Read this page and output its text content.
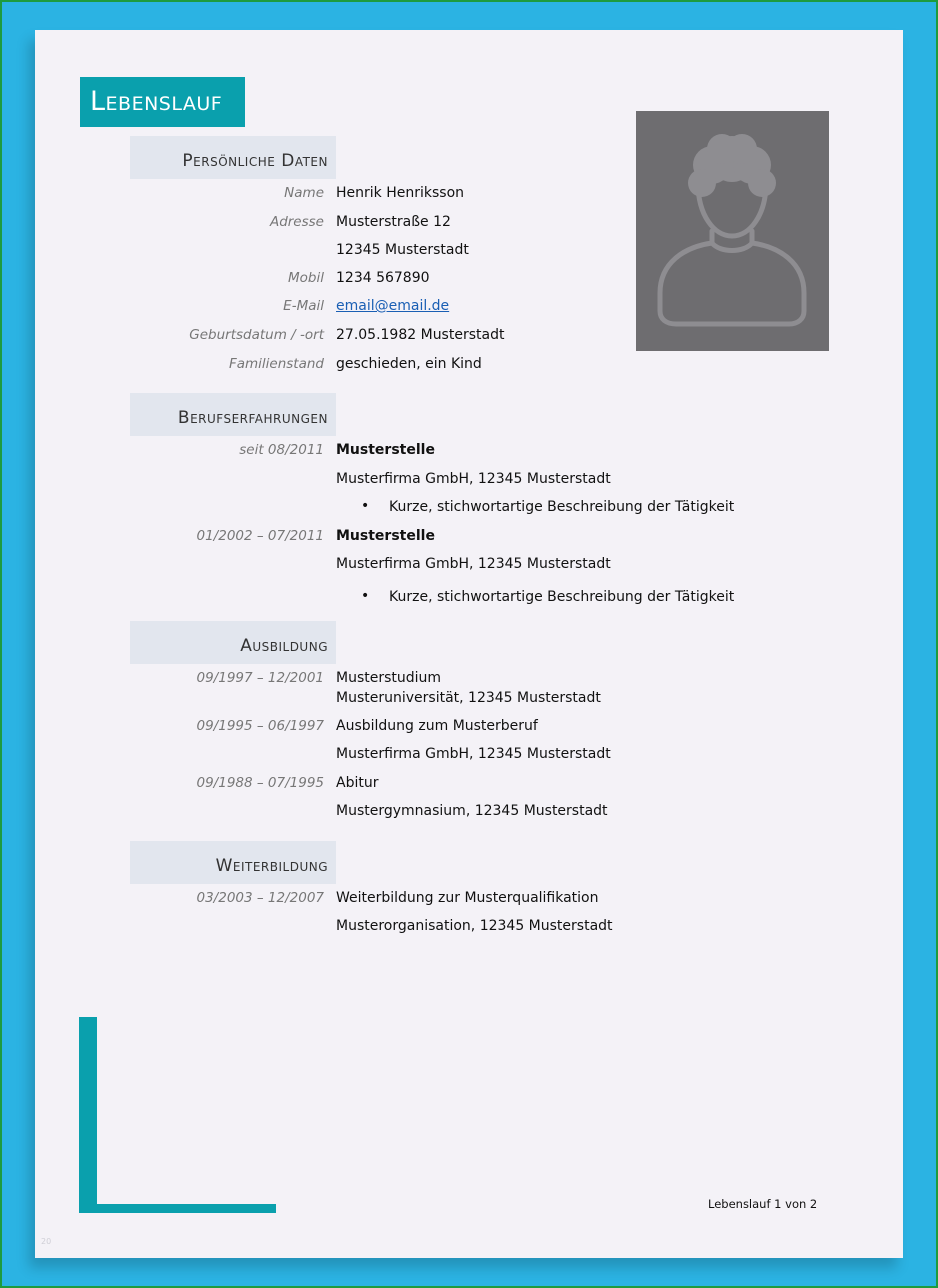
Lebenslauf
Persönliche Daten
Name Henrik Henriksson
Adresse Musterstraße 12
12345 Musterstadt
Mobil 1234 567890
E-Mail email@email.de
Geburtsdatum / -ort 27.05.1982 Musterstadt
Familienstand geschieden, ein Kind
Berufserfahrungen
seit 08/2011 Musterstelle
Musterfirma GmbH, 12345 Musterstadt
• Kurze, stichwortartige Beschreibung der Tätigkeit
01/2002 – 07/2011 Musterstelle
Musterfirma GmbH, 12345 Musterstadt
• Kurze, stichwortartige Beschreibung der Tätigkeit
Ausbildung
09/1997 – 12/2001 Musterstudium
Musteruniversität, 12345 Musterstadt
09/1995 – 06/1997 Ausbildung zum Musterberuf
Musterfirma GmbH, 12345 Musterstadt
09/1988 – 07/1995 Abitur
Mustergymnasium, 12345 Musterstadt
Weiterbildung
03/2003 – 12/2007 Weiterbildung zur Musterqualifikation
Musterorganisation, 12345 Musterstadt
Lebenslauf 1 von 2
20
